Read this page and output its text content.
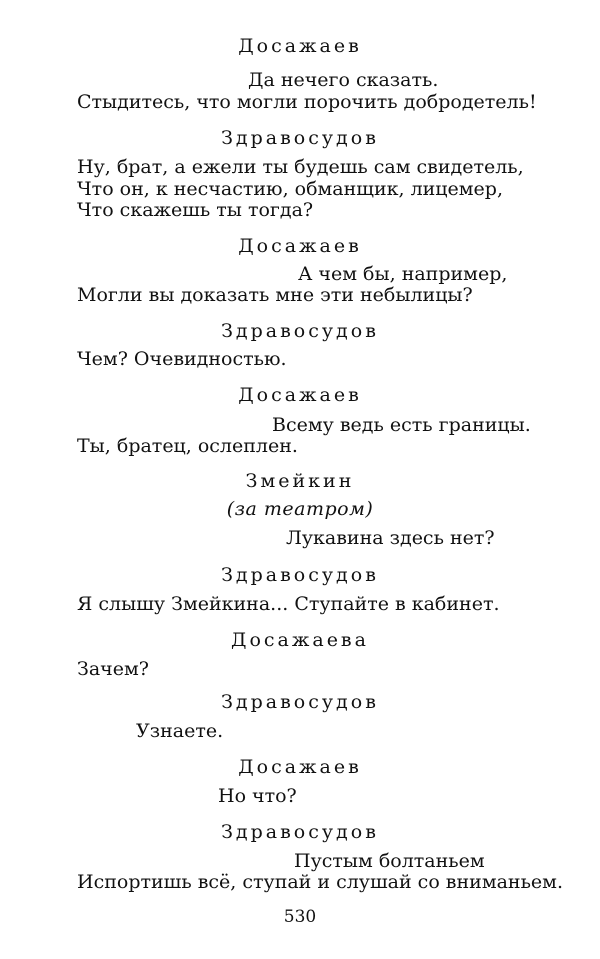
Досажаев
Да нечего сказать.
Стыдитесь, что могли порочить добродетель!
Здравосудов
Ну, брат, а ежели ты будешь сам свидетель,
Что он, к несчастию, обманщик, лицемер,
Что скажешь ты тогда?
Досажаев
А чем бы, например,
Могли вы доказать мне эти небылицы?
Здравосудов
Чем? Очевидностью.
Досажаев
Всему ведь есть границы.
Ты, братец, ослеплен.
Змейкин
(за театром)
Лукавина здесь нет?
Здравосудов
Я слышу Змейкина... Ступайте в кабинет.
Досажаева
Зачем?
Здравосудов
Узнаете.
Досажаев
Но что?
Здравосудов
Пустым болтаньем
Испортишь всё, ступай и слушай со вниманьем.
530
